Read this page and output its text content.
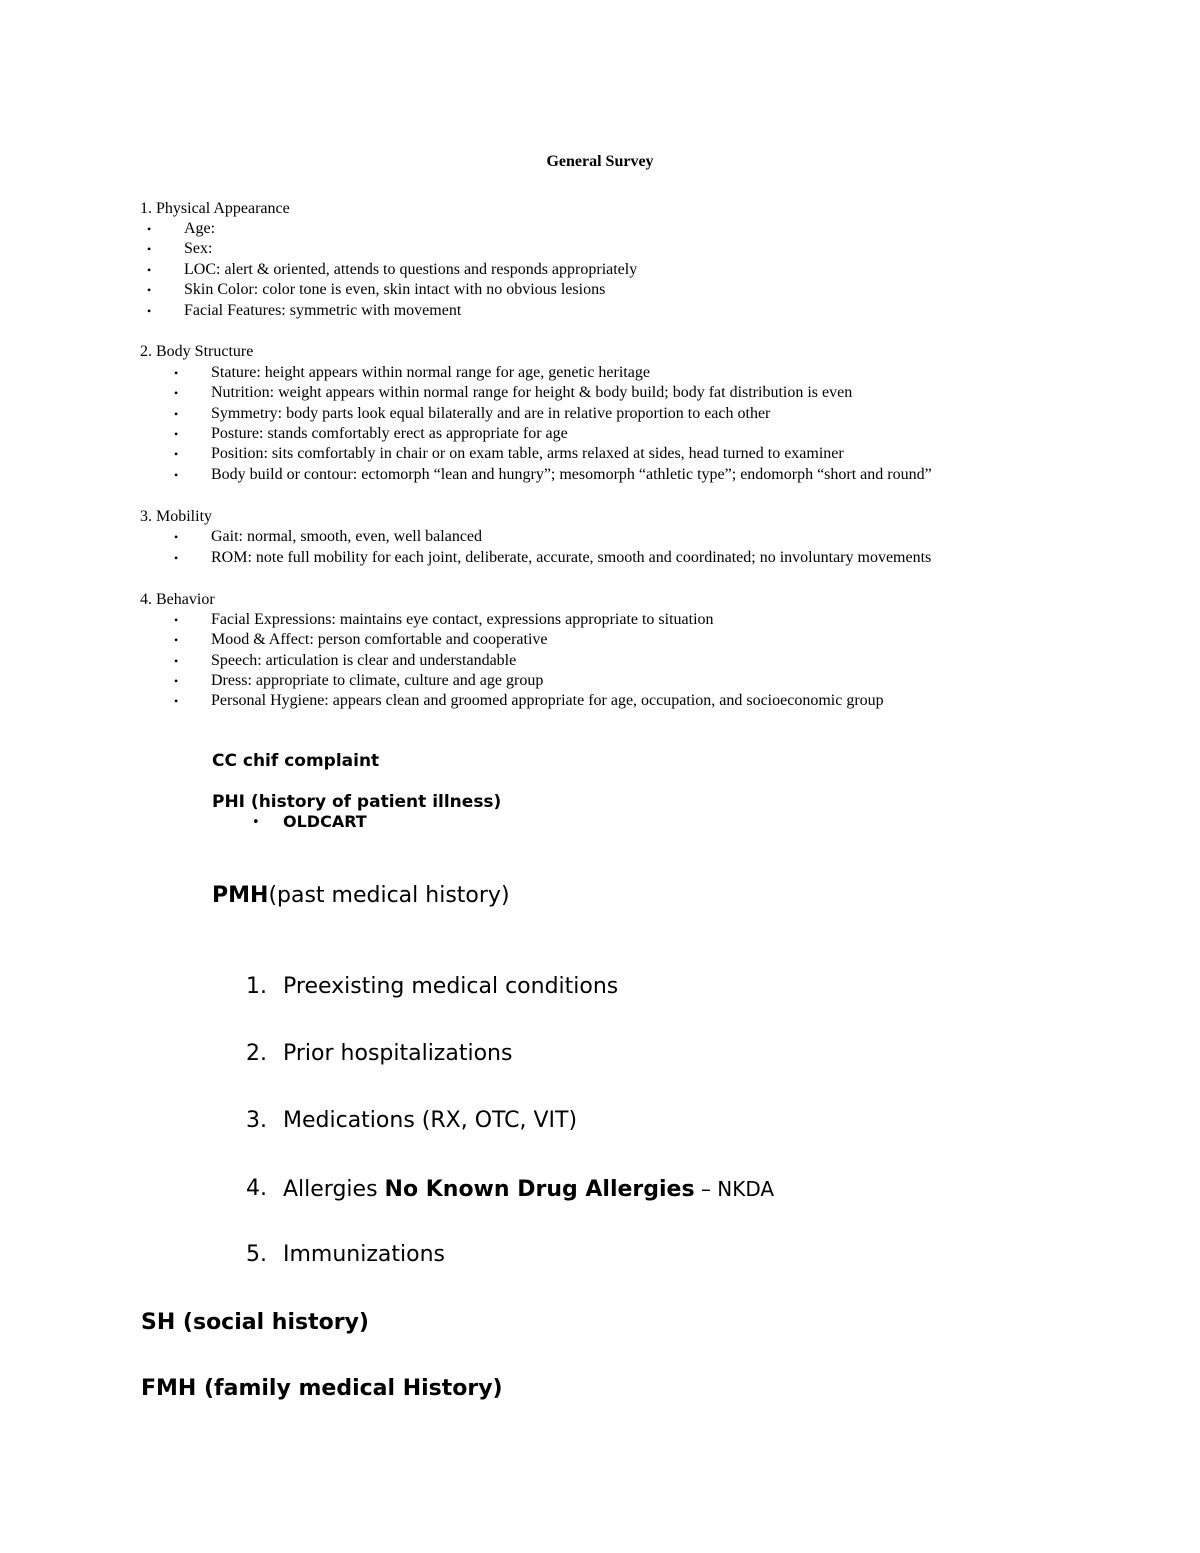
General Survey
1. Physical Appearance
• Age:
• Sex:
• LOC: alert & oriented, attends to questions and responds appropriately
• Skin Color: color tone is even, skin intact with no obvious lesions
• Facial Features: symmetric with movement
2. Body Structure
• Stature: height appears within normal range for age, genetic heritage
• Nutrition: weight appears within normal range for height & body build; body fat distribution is even
• Symmetry: body parts look equal bilaterally and are in relative proportion to each other
• Posture: stands comfortably erect as appropriate for age
• Position: sits comfortably in chair or on exam table, arms relaxed at sides, head turned to examiner
• Body build or contour: ectomorph “lean and hungry”; mesomorph “athletic type”; endomorph “short and round”
3. Mobility
• Gait: normal, smooth, even, well balanced
• ROM: note full mobility for each joint, deliberate, accurate, smooth and coordinated; no involuntary movements
4. Behavior
• Facial Expressions: maintains eye contact, expressions appropriate to situation
• Mood & Affect: person comfortable and cooperative
• Speech: articulation is clear and understandable
• Dress: appropriate to climate, culture and age group
• Personal Hygiene: appears clean and groomed appropriate for age, occupation, and socioeconomic group
CC chif complaint
PHI (history of patient illness)
• OLDCART
PMH(past medical history)
1. Preexisting medical conditions
2. Prior hospitalizations
3. Medications (RX, OTC, VIT)
4. Allergies No Known Drug Allergies – NKDA
5. Immunizations
SH (social history)
FMH (family medical History)
